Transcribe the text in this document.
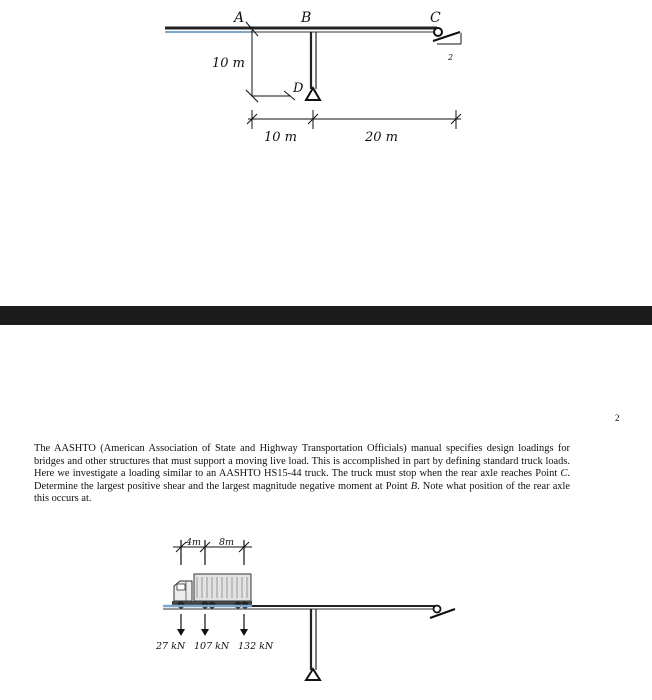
2
A	B	C
D
10 m
10 m	20 m
2

The AASHTO (American Association of State and Highway Transportation Officials) manual specifies design loadings for bridges and other structures that must support a moving live load. This is accomplished in part by defining standard truck loads. Here we investigate a loading similar to an AASHTO HS15-44 truck. The truck must stop when the rear axle reaches Point C. Determine the largest positive shear and the largest magnitude negative moment at Point B. Note what position of the rear axle this occurs at.

4m 8m
27 kN 107 kN 132 kN
